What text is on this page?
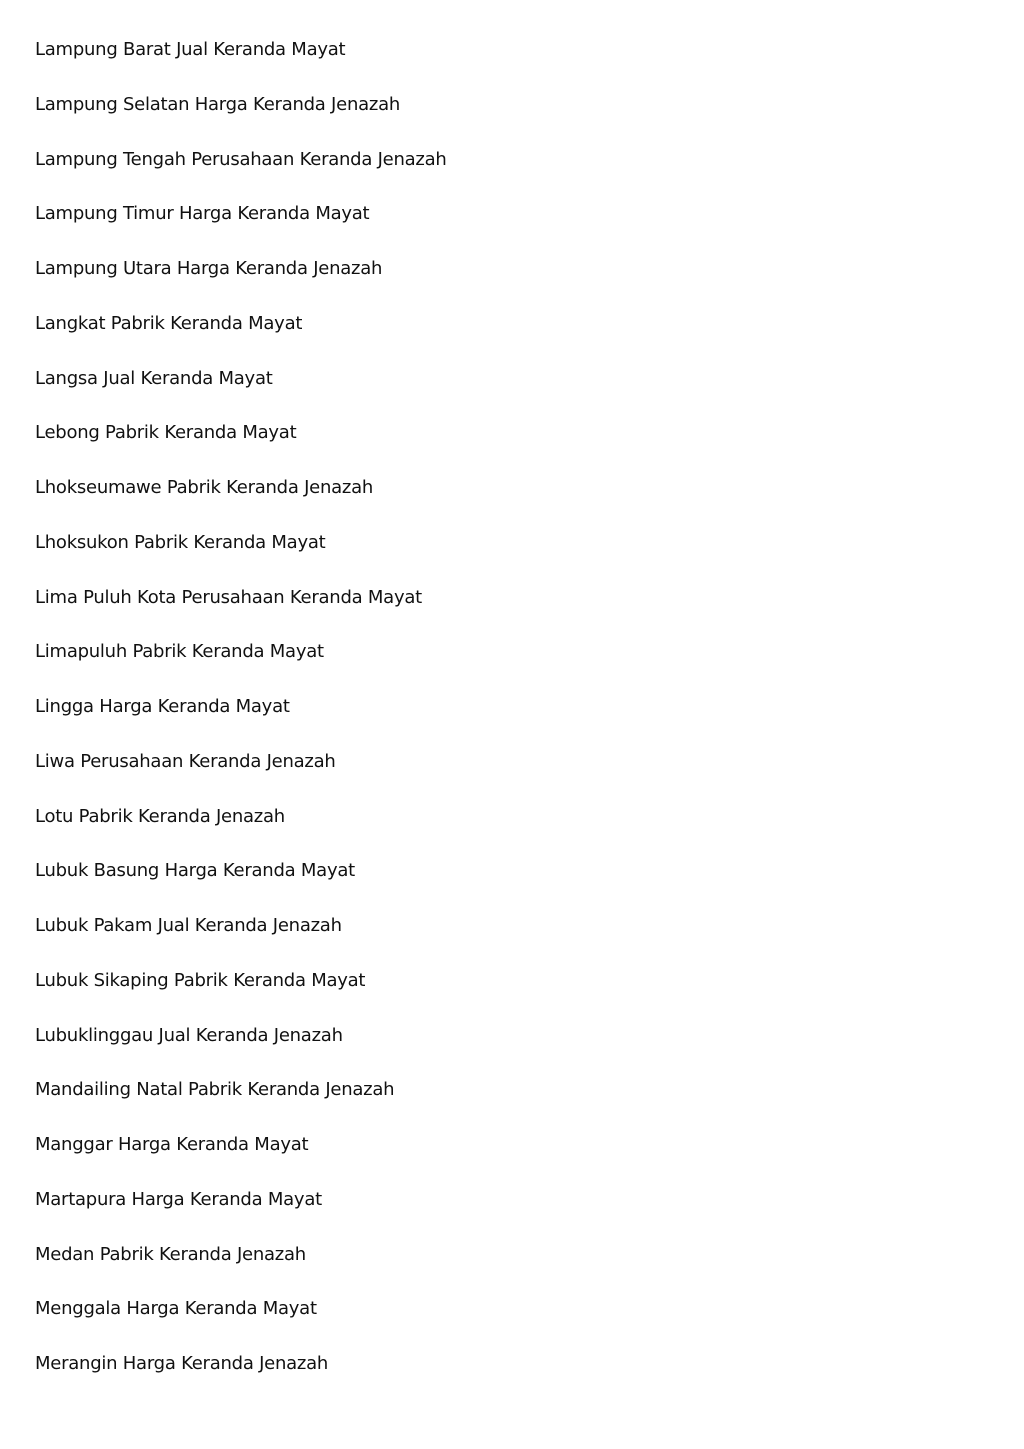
Lampung Barat Jual Keranda Mayat
Lampung Selatan Harga Keranda Jenazah
Lampung Tengah Perusahaan Keranda Jenazah
Lampung Timur Harga Keranda Mayat
Lampung Utara Harga Keranda Jenazah
Langkat Pabrik Keranda Mayat
Langsa Jual Keranda Mayat
Lebong Pabrik Keranda Mayat
Lhokseumawe Pabrik Keranda Jenazah
Lhoksukon Pabrik Keranda Mayat
Lima Puluh Kota Perusahaan Keranda Mayat
Limapuluh Pabrik Keranda Mayat
Lingga Harga Keranda Mayat
Liwa Perusahaan Keranda Jenazah
Lotu Pabrik Keranda Jenazah
Lubuk Basung Harga Keranda Mayat
Lubuk Pakam Jual Keranda Jenazah
Lubuk Sikaping Pabrik Keranda Mayat
Lubuklinggau Jual Keranda Jenazah
Mandailing Natal Pabrik Keranda Jenazah
Manggar Harga Keranda Mayat
Martapura Harga Keranda Mayat
Medan Pabrik Keranda Jenazah
Menggala Harga Keranda Mayat
Merangin Harga Keranda Jenazah
